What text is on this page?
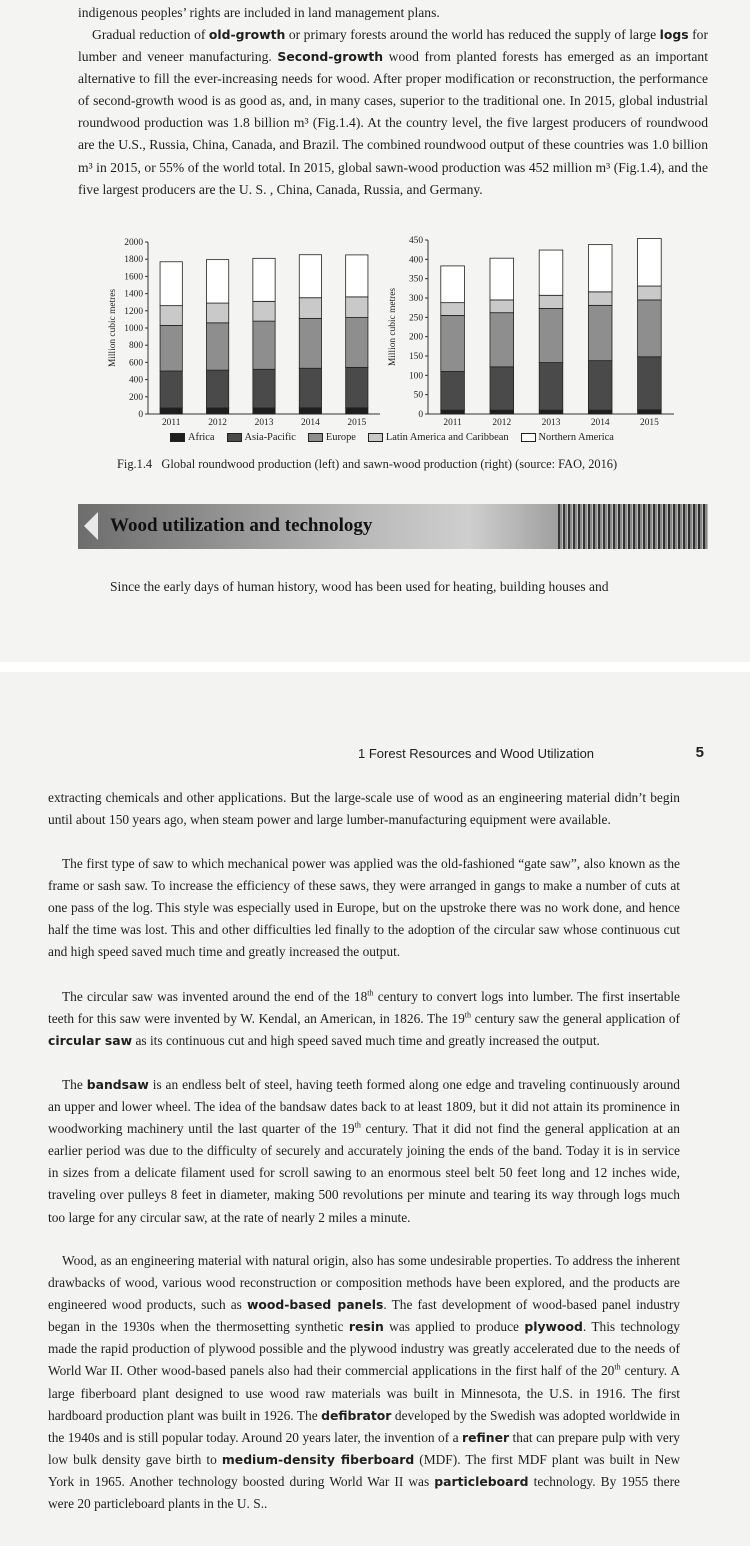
indigenous peoples’ rights are included in land management plans.

Gradual reduction of old-growth or primary forests around the world has reduced the supply of large logs for lumber and veneer manufacturing. Second-growth wood from planted forests has emerged as an important alternative to fill the ever-increasing needs for wood. After proper modification or reconstruction, the performance of second-growth wood is as good as, and, in many cases, superior to the traditional one. In 2015, global industrial roundwood production was 1.8 billion m³ (Fig.1.4). At the country level, the five largest producers of roundwood are the U.S., Russia, China, Canada, and Brazil. The combined roundwood output of these countries was 1.0 billion m³ in 2015, or 55% of the world total. In 2015, global sawn-wood production was 452 million m³ (Fig.1.4), and the five largest producers are the U. S. , China, Canada, Russia, and Germany.

Million cubic metres
0
200
400
600
800
1000
1200
1400
1600
1800
2000
2011	2012	2013	2014	2015
Million cubic metres
0
50
100
150
200
250
300
350
400
450
2011	2012	2013	2014	2015
Africa	Asia-Pacific	Europe	Latin America and Caribbean	Northern America
Fig.1.4   Global roundwood production (left) and sawn-wood production (right) (source: FAO, 2016)
Wood utilization and technology

Since the early days of human history, wood has been used for heating, building houses and

1 Forest Resources and Wood Utilization	5

extracting chemicals and other applications. But the large-scale use of wood as an engineering material didn’t begin until about 150 years ago, when steam power and large lumber-manufacturing equipment were available.

The first type of saw to which mechanical power was applied was the old-fashioned “gate saw”, also known as the frame or sash saw. To increase the efficiency of these saws, they were arranged in gangs to make a number of cuts at one pass of the log. This style was especially used in Europe, but on the upstroke there was no work done, and hence half the time was lost. This and other difficulties led finally to the adoption of the circular saw whose continuous cut and high speed saved much time and greatly increased the output.

The circular saw was invented around the end of the 18th century to convert logs into lumber. The first insertable teeth for this saw were invented by W. Kendal, an American, in 1826. The 19th century saw the general application of circular saw as its continuous cut and high speed saved much time and greatly increased the output.

The bandsaw is an endless belt of steel, having teeth formed along one edge and traveling continuously around an upper and lower wheel. The idea of the bandsaw dates back to at least 1809, but it did not attain its prominence in woodworking machinery until the last quarter of the 19th century. That it did not find the general application at an earlier period was due to the difficulty of securely and accurately joining the ends of the band. Today it is in service in sizes from a delicate filament used for scroll sawing to an enormous steel belt 50 feet long and 12 inches wide, traveling over pulleys 8 feet in diameter, making 500 revolutions per minute and tearing its way through logs much too large for any circular saw, at the rate of nearly 2 miles a minute.

Wood, as an engineering material with natural origin, also has some undesirable properties. To address the inherent drawbacks of wood, various wood reconstruction or composition methods have been explored, and the products are engineered wood products, such as wood-based panels. The fast development of wood-based panel industry began in the 1930s when the thermosetting synthetic resin was applied to produce plywood. This technology made the rapid production of plywood possible and the plywood industry was greatly accelerated due to the needs of World War II. Other wood-based panels also had their commercial applications in the first half of the 20th century. A large fiberboard plant designed to use wood raw materials was built in Minnesota, the U.S. in 1916. The first hardboard production plant was built in 1926. The defibrator developed by the Swedish was adopted worldwide in the 1940s and is still popular today. Around 20 years later, the invention of a refiner that can prepare pulp with very low bulk density gave birth to medium-density fiberboard (MDF). The first MDF plant was built in New York in 1965. Another technology boosted during World War II was particleboard technology. By 1955 there were 20 particleboard plants in the U. S..
